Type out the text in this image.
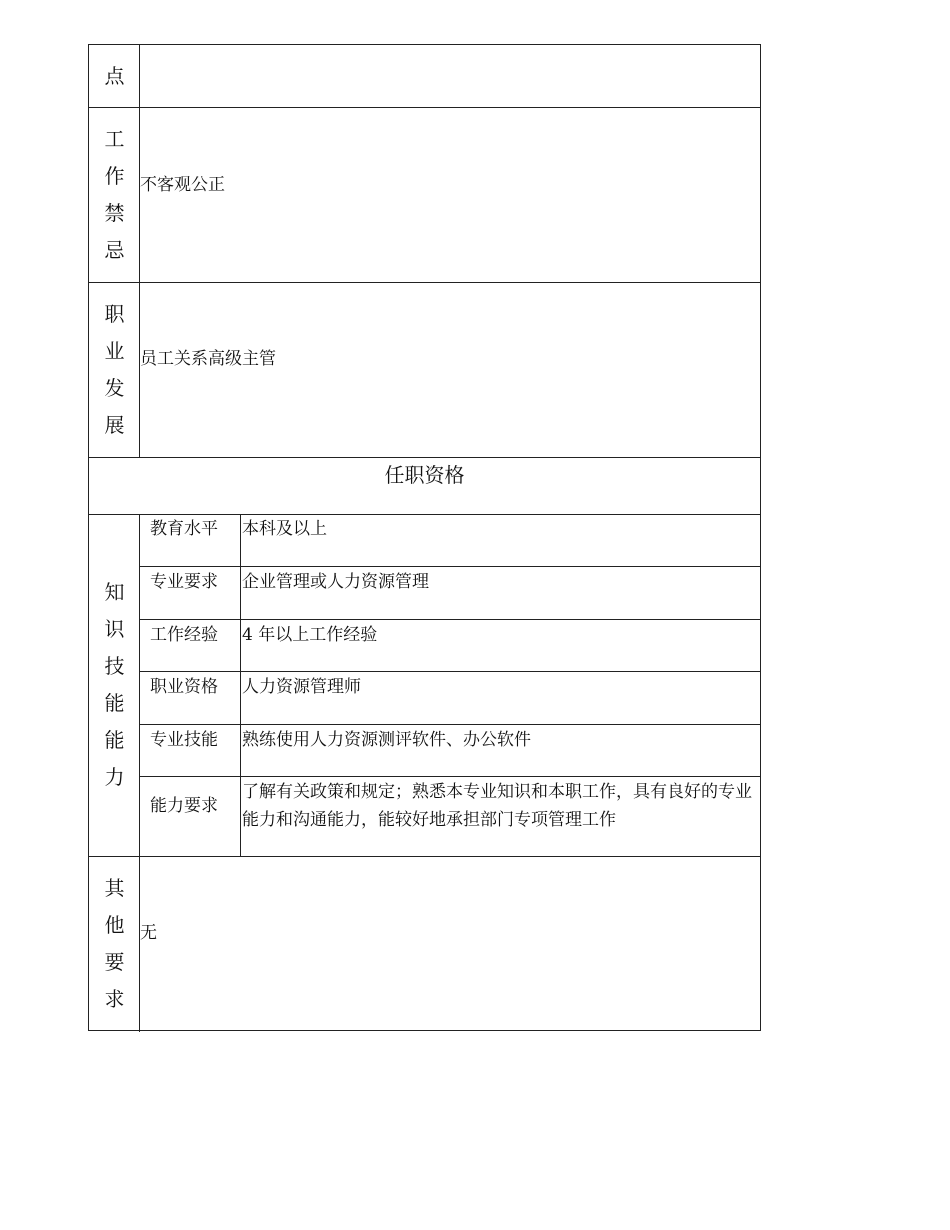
点
工
作
禁
忌
不客观公正
职
业
发
展
员工关系高级主管
任职资格
知
识
技
能
能
力
教育水平 本科及以上
专业要求 企业管理或人力资源管理
工作经验 4 年以上工作经验
职业资格 人力资源管理师
专业技能 熟练使用人力资源测评软件、办公软件
能力要求
了解有关政策和规定；熟悉本专业知识和本职工作，具有良好的专业能力和沟通能力，能较好地承担部门专项管理工作
其
他
要
求
无
